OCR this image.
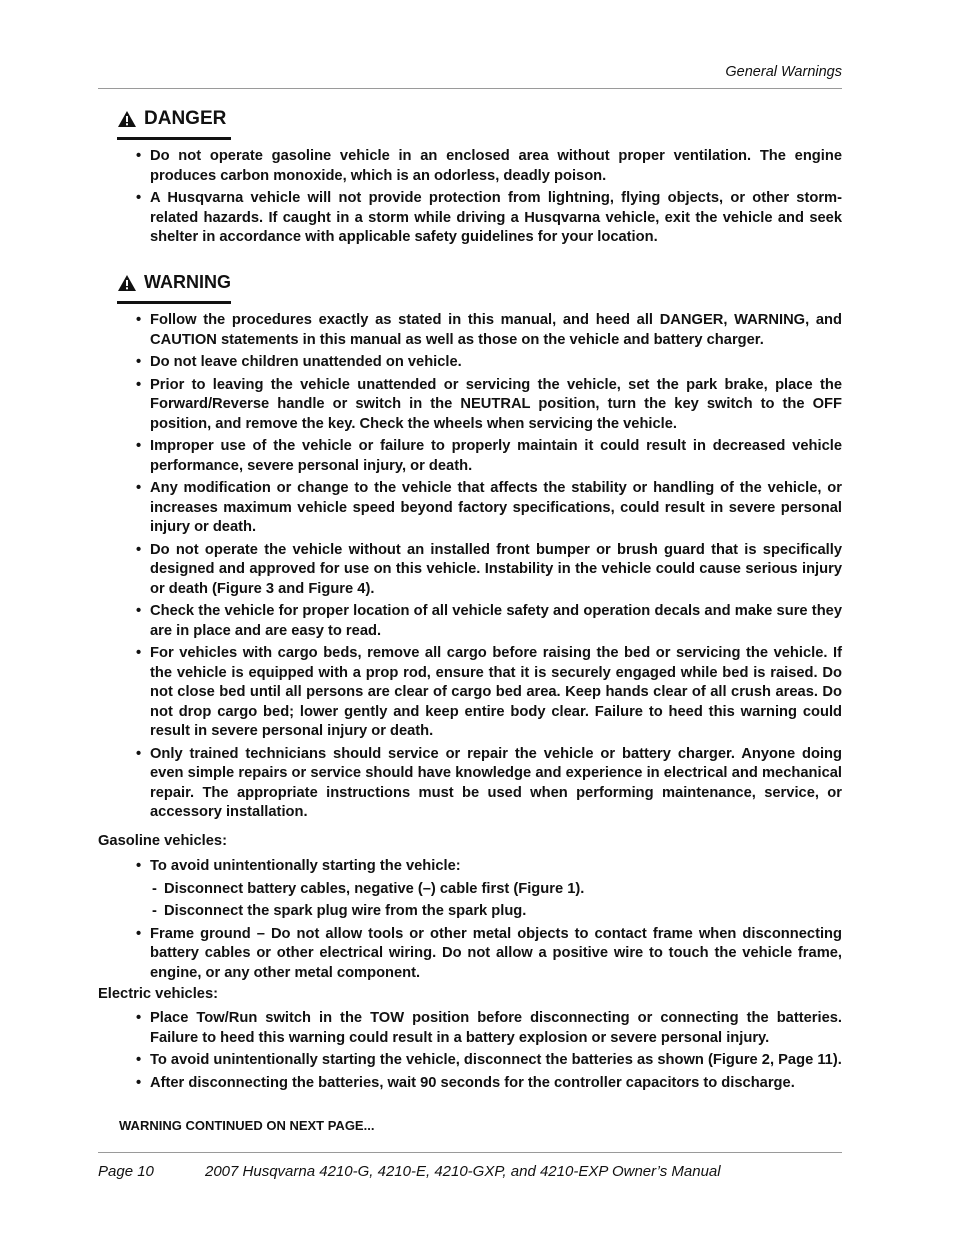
General Warnings
DANGER
• Do not operate gasoline vehicle in an enclosed area without proper ventilation. The engine produces carbon monoxide, which is an odorless, deadly poison.
• A Husqvarna vehicle will not provide protection from lightning, flying objects, or other storm-related hazards. If caught in a storm while driving a Husqvarna vehicle, exit the vehicle and seek shelter in accordance with applicable safety guidelines for your location.
WARNING
• Follow the procedures exactly as stated in this manual, and heed all DANGER, WARNING, and CAUTION statements in this manual as well as those on the vehicle and battery charger.
• Do not leave children unattended on vehicle.
• Prior to leaving the vehicle unattended or servicing the vehicle, set the park brake, place the Forward/Reverse handle or switch in the NEUTRAL position, turn the key switch to the OFF position, and remove the key. Check the wheels when servicing the vehicle.
• Improper use of the vehicle or failure to properly maintain it could result in decreased vehicle performance, severe personal injury, or death.
• Any modification or change to the vehicle that affects the stability or handling of the vehicle, or increases maximum vehicle speed beyond factory specifications, could result in severe personal injury or death.
• Do not operate the vehicle without an installed front bumper or brush guard that is specifically designed and approved for use on this vehicle. Instability in the vehicle could cause serious injury or death (Figure 3 and Figure 4).
• Check the vehicle for proper location of all vehicle safety and operation decals and make sure they are in place and are easy to read.
• For vehicles with cargo beds, remove all cargo before raising the bed or servicing the vehicle. If the vehicle is equipped with a prop rod, ensure that it is securely engaged while bed is raised. Do not close bed until all persons are clear of cargo bed area. Keep hands clear of all crush areas. Do not drop cargo bed; lower gently and keep entire body clear. Failure to heed this warning could result in severe personal injury or death.
• Only trained technicians should service or repair the vehicle or battery charger. Anyone doing even simple repairs or service should have knowledge and experience in electrical and mechanical repair. The appropriate instructions must be used when performing maintenance, service, or accessory installation.
Gasoline vehicles:
• To avoid unintentionally starting the vehicle:
- Disconnect battery cables, negative (–) cable first (Figure 1).
- Disconnect the spark plug wire from the spark plug.
• Frame ground – Do not allow tools or other metal objects to contact frame when disconnecting battery cables or other electrical wiring. Do not allow a positive wire to touch the vehicle frame, engine, or any other metal component.
Electric vehicles:
• Place Tow/Run switch in the TOW position before disconnecting or connecting the batteries. Failure to heed this warning could result in a battery explosion or severe personal injury.
• To avoid unintentionally starting the vehicle, disconnect the batteries as shown (Figure 2, Page 11).
• After disconnecting the batteries, wait 90 seconds for the controller capacitors to discharge.
WARNING CONTINUED ON NEXT PAGE...
Page 10	2007 Husqvarna 4210-G, 4210-E, 4210-GXP, and 4210-EXP Owner’s Manual
